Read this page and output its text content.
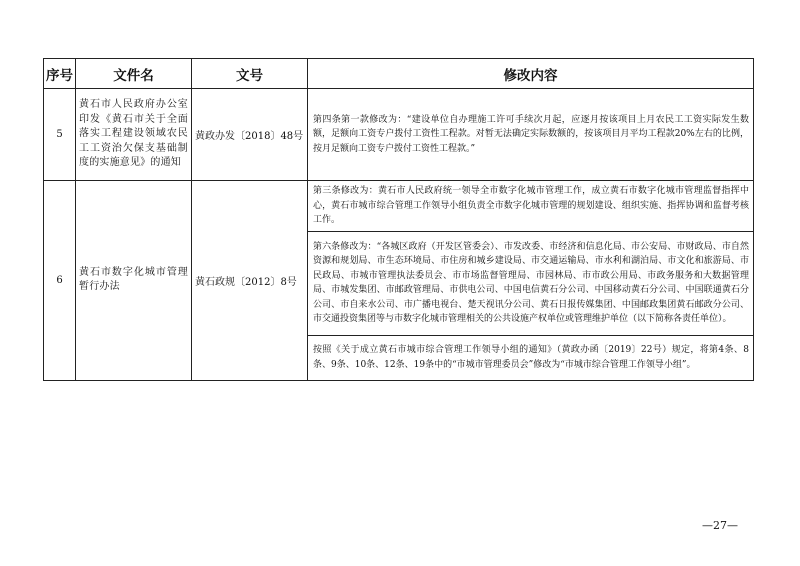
序号	文件名	文号	修改内容
5	黄石市人民政府办公室印发《黄石市关于全面落实工程建设领域农民工工资治欠保支基础制度的实施意见》的通知	黄政办发〔2018〕48号	第四条第一款修改为：“建设单位自办理施工许可手续次月起，应逐月按该项目上月农民工工资实际发生数额，足额向工资专户拨付工资性工程款。对暂无法确定实际数额的，按该项目月平均工程款20%左右的比例，按月足额向工资专户拨付工资性工程款。”
6	黄石市数字化城市管理暂行办法	黄石政规〔2012〕8号	第三条修改为：黄石市人民政府统一领导全市数字化城市管理工作，成立黄石市数字化城市管理监督指挥中心，黄石市城市综合管理工作领导小组负责全市数字化城市管理的规划建设、组织实施、指挥协调和监督考核工作。
			第六条修改为：“各城区政府（开发区管委会）、市发改委、市经济和信息化局、市公安局、市财政局、市自然资源和规划局、市生态环境局、市住房和城乡建设局、市交通运输局、市水利和湖泊局、市文化和旅游局、市民政局、市城市管理执法委员会、市市场监督管理局、市园林局、市市政公用局、市政务服务和大数据管理局、市城发集团、市邮政管理局、市供电公司、中国电信黄石分公司、中国移动黄石分公司、中国联通黄石分公司、市自来水公司、市广播电视台、楚天视讯分公司、黄石日报传媒集团、中国邮政集团黄石邮政分公司、市交通投资集团等与市数字化城市管理相关的公共设施产权单位或管理维护单位（以下简称各责任单位）。
			按照《关于成立黄石市城市综合管理工作领导小组的通知》（黄政办函〔2019〕22号）规定，将第4条、8条、9条、10条、12条、19条中的“市城市管理委员会”修改为“市城市综合管理工作领导小组”。
—27—
